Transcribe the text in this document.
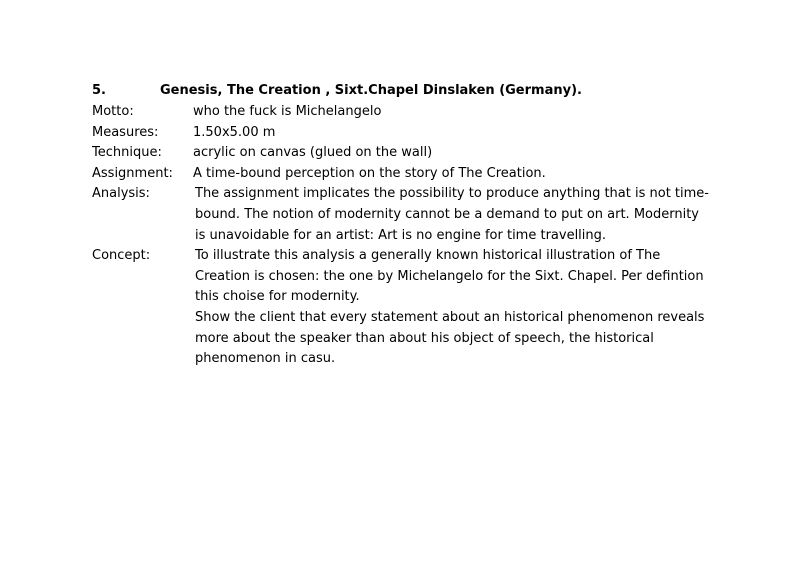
5.	Genesis, The Creation , Sixt.Chapel Dinslaken (Germany).
Motto:	who the fuck is Michelangelo
Measures:	1.50x5.00 m
Technique: acrylic on canvas (glued on the wall)
Assignment: A time-bound perception on the story of The Creation.
Analysis:	The assignment implicates the possibility to produce anything that is not time-
bound. The notion of modernity cannot be a demand to put on art. Modernity
is unavoidable for an artist: Art is no engine for time travelling.
Concept:	To illustrate this analysis a generally known historical illustration of The
Creation is chosen: the one by Michelangelo for the Sixt. Chapel. Per defintion
this choise for modernity.
Show the client that every statement about an historical phenomenon reveals
more about the speaker than about his object of speech, the historical
phenomenon in casu.
